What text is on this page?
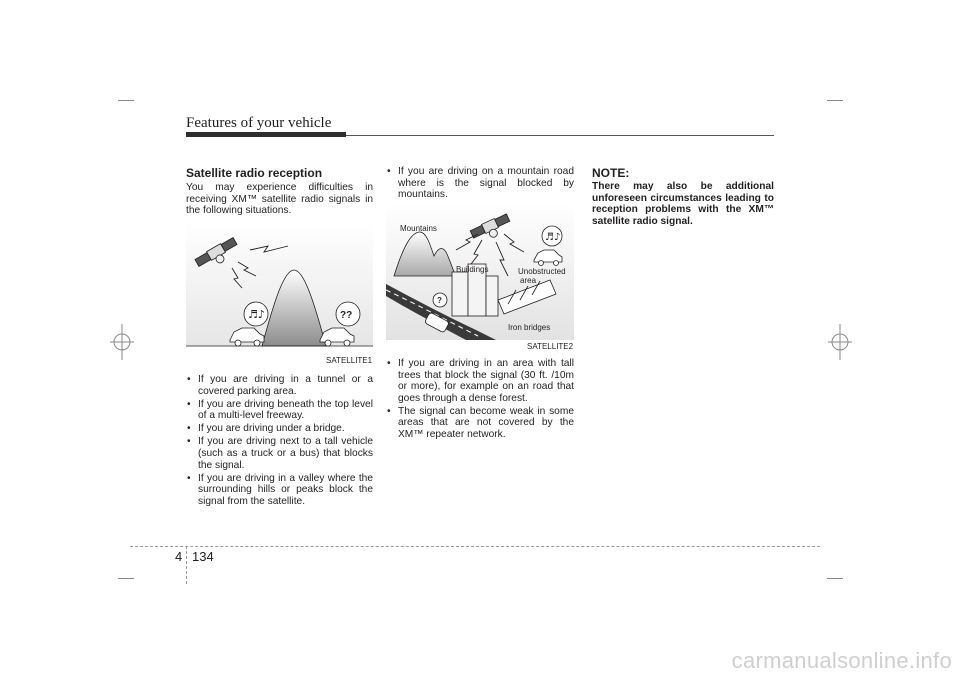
Features of your vehicle
Satellite radio reception
You may experience difficulties in receiving XM™ satellite radio signals in the following situations.
♬♪	??
SATELLITE1
• If you are driving in a tunnel or a covered parking area.
• If you are driving beneath the top level of a multi-level freeway.
• If you are driving under a bridge.
• If you are driving next to a tall vehicle (such as a truck or a bus) that blocks the signal.
• If you are driving in a valley where the surrounding hills or peaks block the signal from the satellite.
• If you are driving on a mountain road where is the signal blocked by mountains.
Mountains
Buildings
?
Iron bridges
♬♪
Unobstructed
area
SATELLITE2
• If you are driving in an area with tall trees that block the signal (30 ft. /10m or more), for example on an road that goes through a dense forest.
• The signal can become weak in some areas that are not covered by the XM™ repeater network.
NOTE:
There may also be additional unforeseen circumstances leading to reception problems with the XM™ satellite radio signal.
4 134
carmanualsonline.info
